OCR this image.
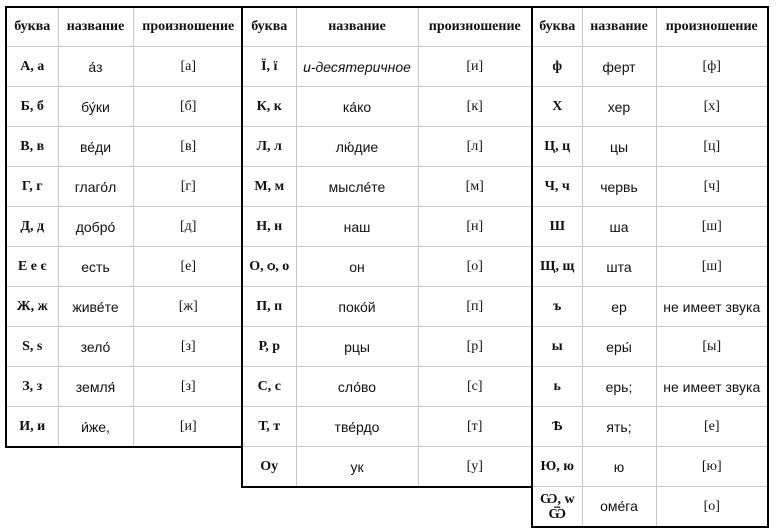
буква	название	произношение
А, а	а́з	[а]
Б, б	бу́ки	[б]
В, в	ве́ди	[в]
Г, г	глаго́л	[г]
Д, д	добро́	[д]
Е е є	есть	[е]
Ж, ж	живе́те	[ж]
S, s	зело́	[з]
З, з	земля́	[з]
И, и	и́же,	[и]
буква	название	произношение
Ї, ї	и-десятеричное	[и]
К, к	ка́ко	[к]
Л, л	лю́дие	[л]
М, м	мысле́те	[м]
Н, н	наш	[н]
О, ѻ, о	он	[о]
П, п	поко́й	[п]
Р, р	рцы	[р]
С, с	сло́во	[с]
Т, т	тве́рдо	[т]
Оу	ук	[у]
буква	название	произношение
ф	ферт	[ф]
Х	хер	[х]
Ц, ц	цы	[ц]
Ч, ч	червь	[ч]
Ш	ша	[ш]
Щ, щ	шта	[ш]
ъ	ер	не имеет звука
ы	еры́	[ы]
ь	ерь;	не имеет звука
Ѣ	ять;	[е]
Ю, ю	ю	[ю]
Ѡ, w Ѿ	оме́га	[о]
